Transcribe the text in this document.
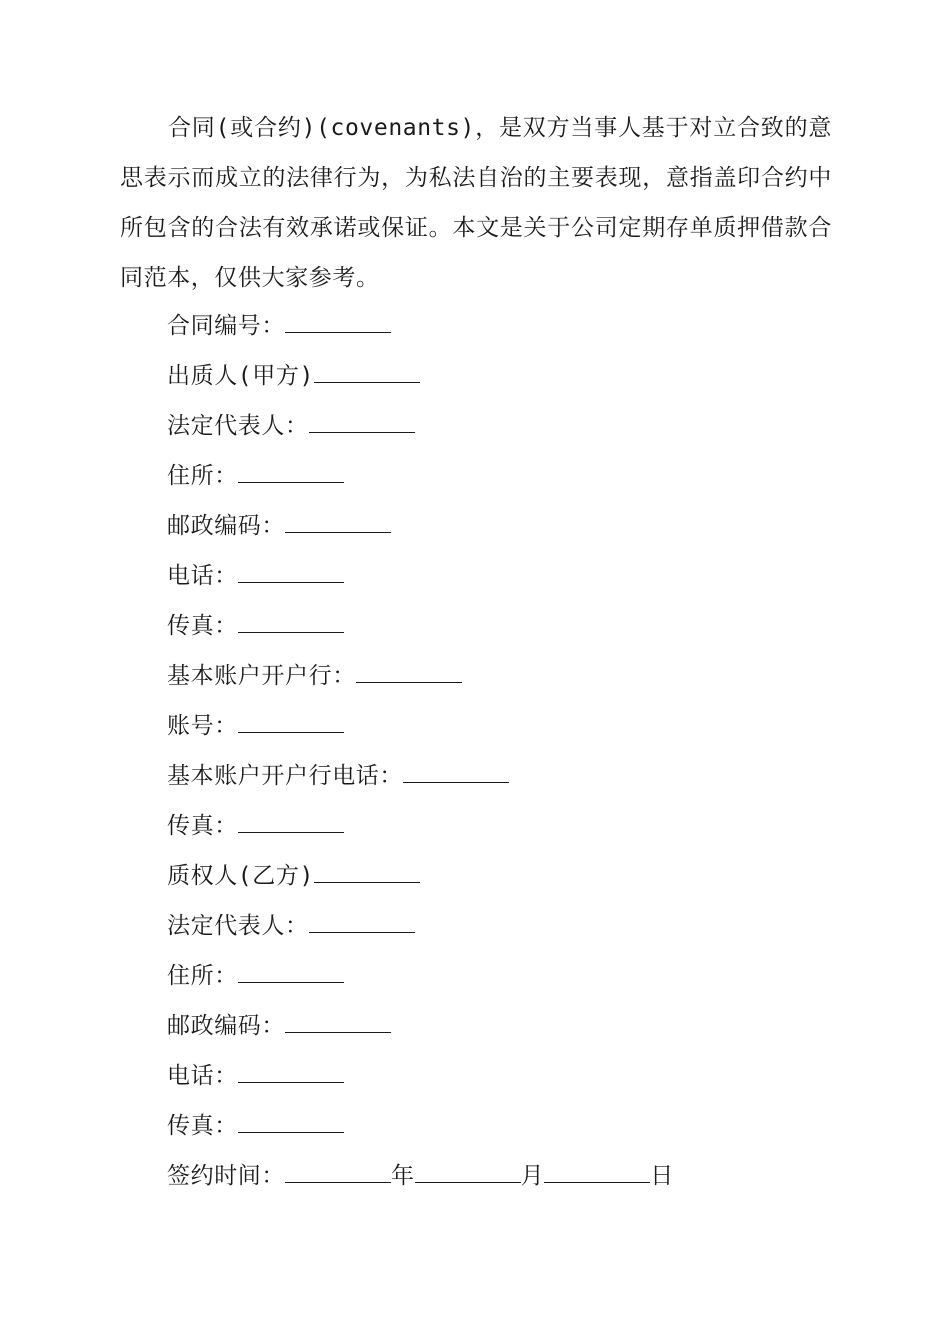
合同(或合约)(covenants)，是双方当事人基于对立合致的意思表示而成立的法律行为，为私法自治的主要表现，意指盖印合约中所包含的合法有效承诺或保证。本文是关于公司定期存单质押借款合同范本，仅供大家参考。

合同编号：
出质人(甲方)
法定代表人：
住所：
邮政编码：
电话：
传真：
基本账户开户行：
账号：
基本账户开户行电话：
传真：
质权人(乙方)
法定代表人：
住所：
邮政编码：
电话：
传真：
签约时间：	年	月	日
